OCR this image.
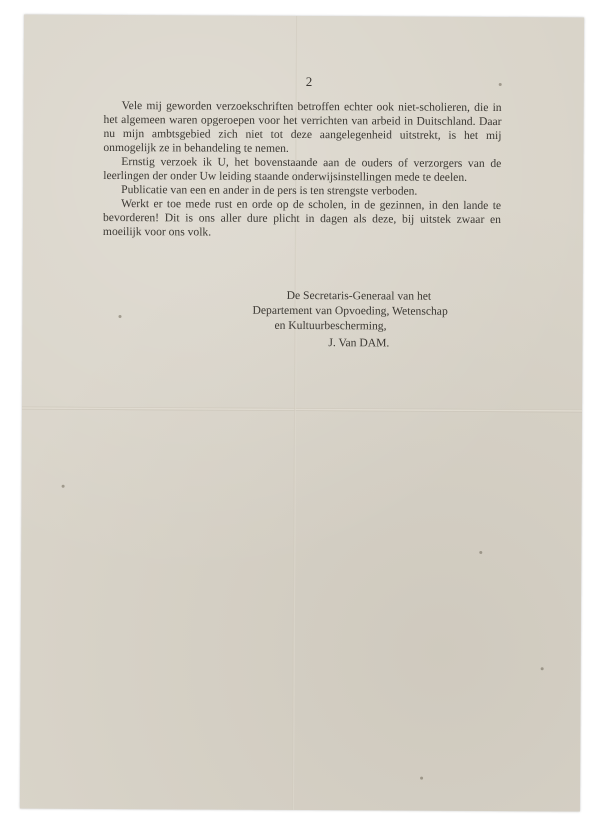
2

Vele mij geworden verzoekschriften betroffen echter ook niet-scholieren, die in het algemeen waren opgeroepen voor het verrichten van arbeid in Duitschland. Daar nu mijn ambtsgebied zich niet tot deze aangelegenheid uitstrekt, is het mij onmogelijk ze in behandeling te nemen.

Ernstig verzoek ik U, het bovenstaande aan de ouders of verzorgers van de leerlingen der onder Uw leiding staande onderwijsinstellingen mede te deelen.

Publicatie van een en ander in de pers is ten strengste verboden.

Werkt er toe mede rust en orde op de scholen, in de gezinnen, in den lande te bevorderen! Dit is ons aller dure plicht in dagen als deze, bij uitstek zwaar en moeilijk voor ons volk.

De Secretaris-Generaal van het
Departement van Opvoeding, Wetenschap
en Kultuurbescherming,
J. Van DAM.
